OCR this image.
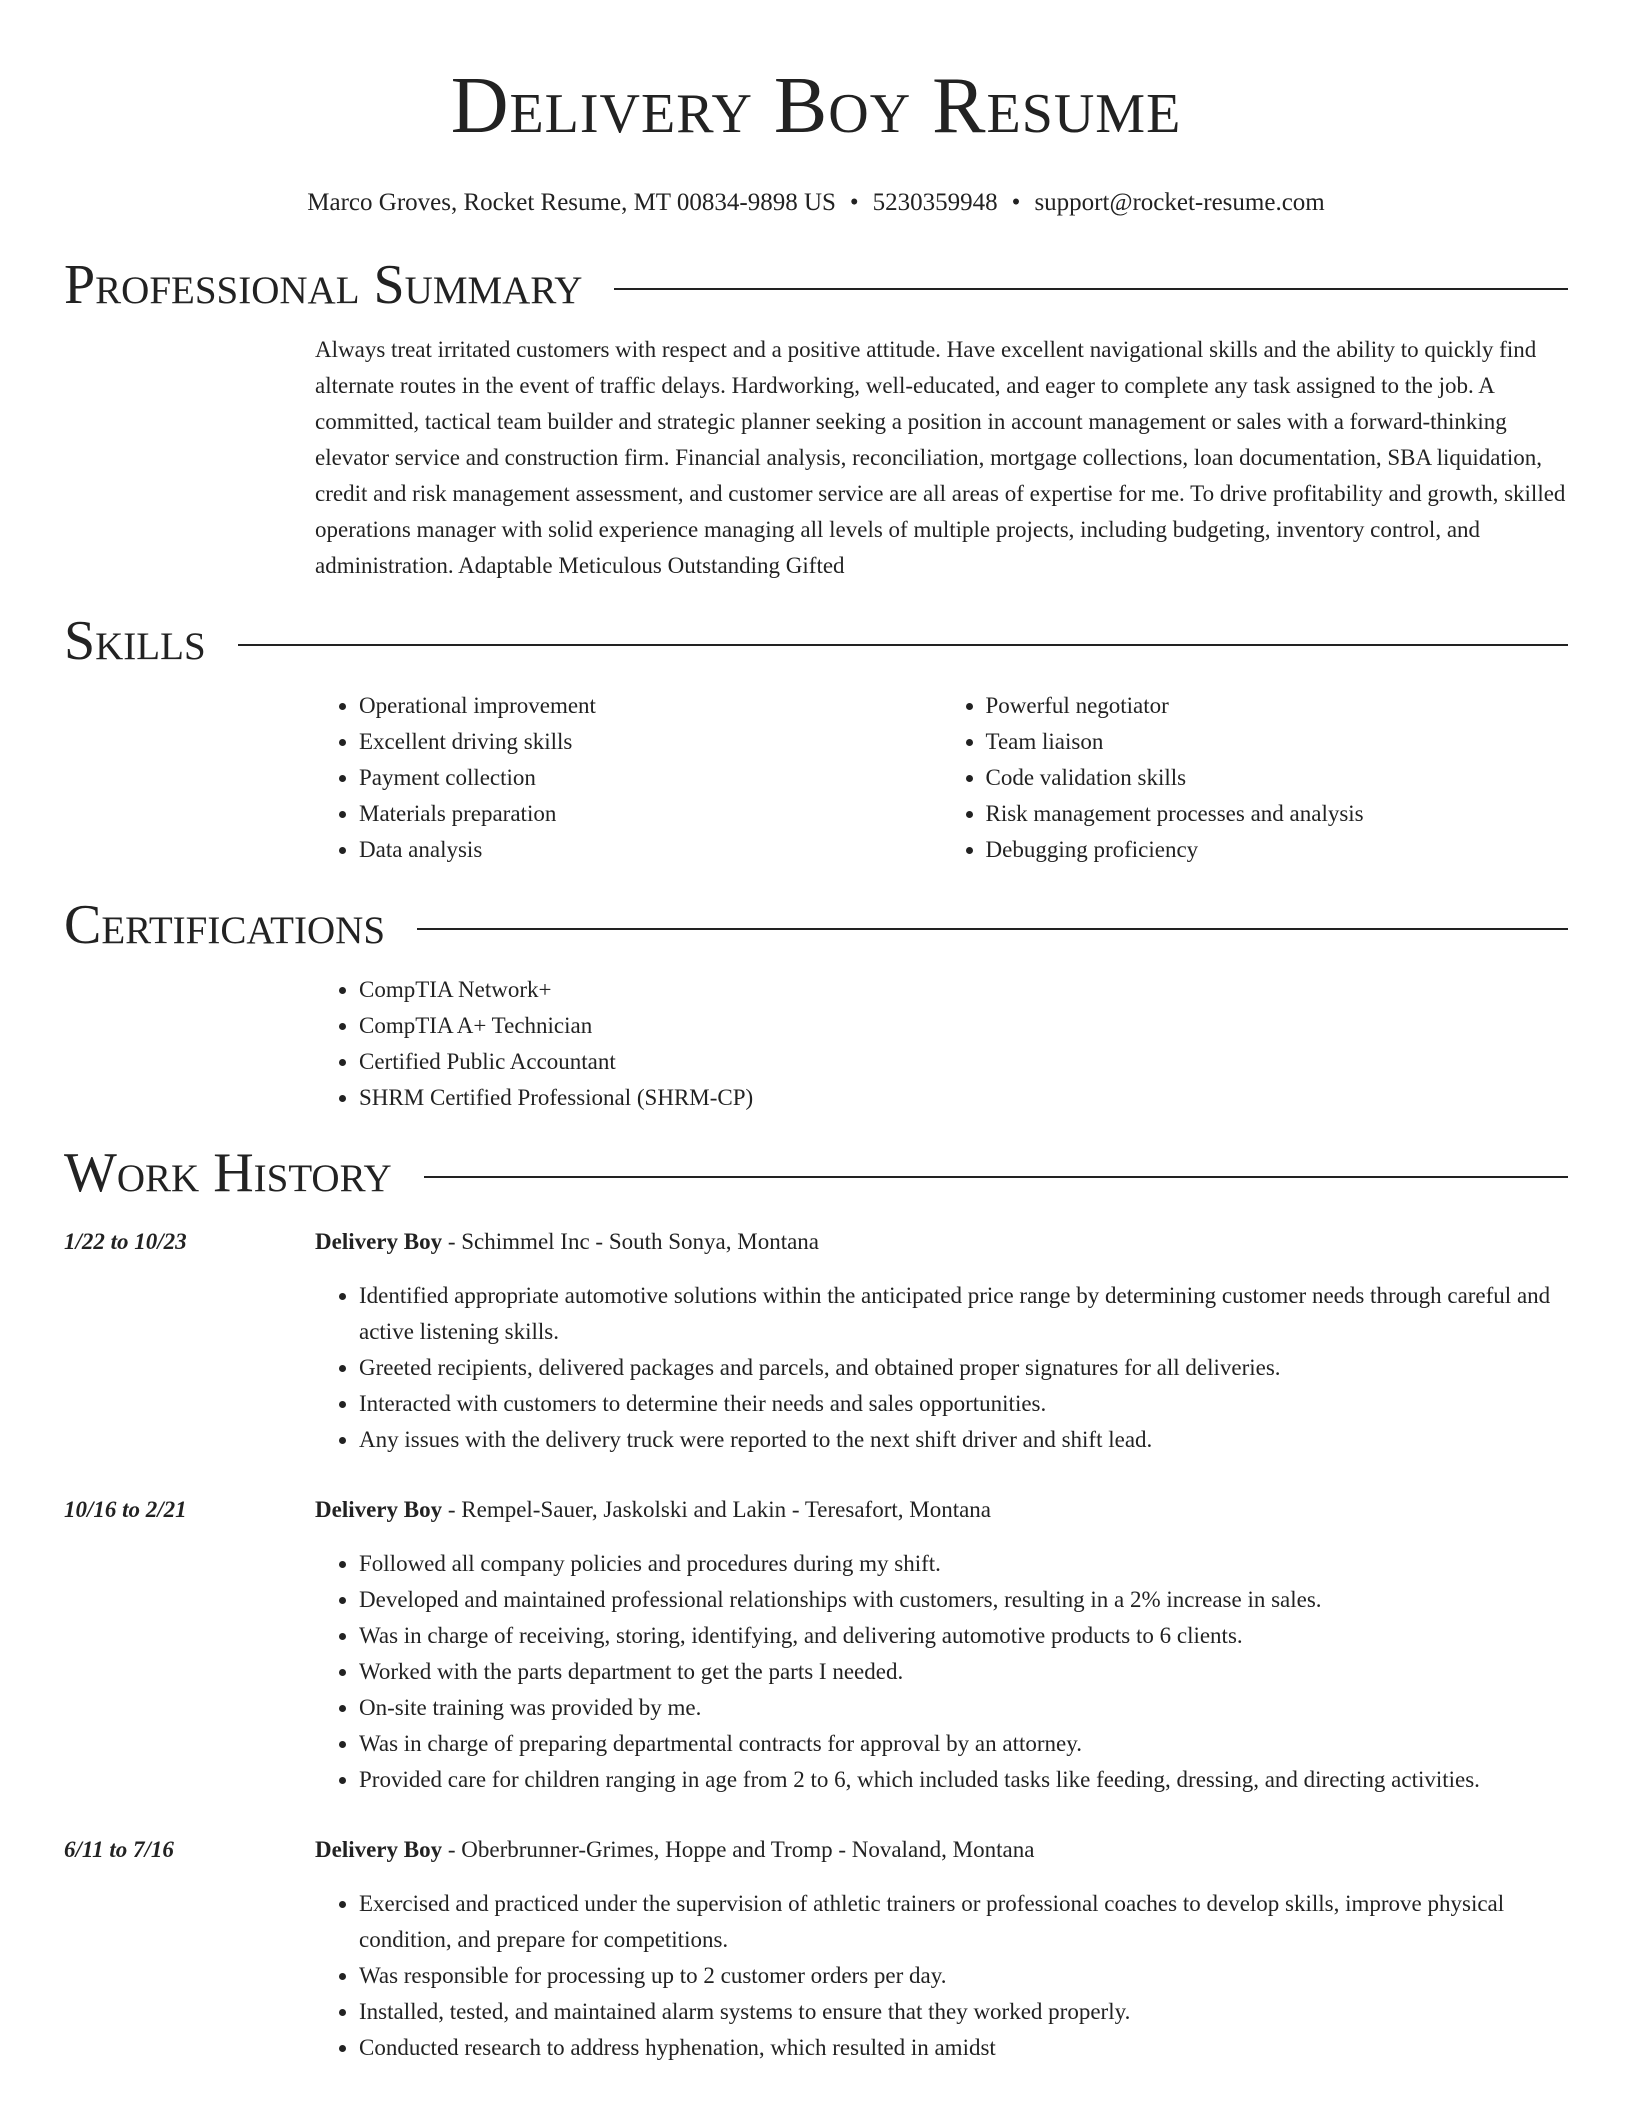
Delivery Boy Resume
Marco Groves, Rocket Resume, MT 00834-9898 US • 5230359948 • support@rocket-resume.com
Professional Summary
Always treat irritated customers with respect and a positive attitude. Have excellent navigational skills and the ability to quickly find alternate routes in the event of traffic delays. Hardworking, well-educated, and eager to complete any task assigned to the job. A committed, tactical team builder and strategic planner seeking a position in account management or sales with a forward-thinking elevator service and construction firm. Financial analysis, reconciliation, mortgage collections, loan documentation, SBA liquidation, credit and risk management assessment, and customer service are all areas of expertise for me. To drive profitability and growth, skilled operations manager with solid experience managing all levels of multiple projects, including budgeting, inventory control, and administration. Adaptable Meticulous Outstanding Gifted
Skills
• Operational improvement
• Excellent driving skills
• Payment collection
• Materials preparation
• Data analysis
• Powerful negotiator
• Team liaison
• Code validation skills
• Risk management processes and analysis
• Debugging proficiency
Certifications
• CompTIA Network+
• CompTIA A+ Technician
• Certified Public Accountant
• SHRM Certified Professional (SHRM-CP)
Work History
1/22 to 10/23	Delivery Boy - Schimmel Inc - South Sonya, Montana
• Identified appropriate automotive solutions within the anticipated price range by determining customer needs through careful and active listening skills.
• Greeted recipients, delivered packages and parcels, and obtained proper signatures for all deliveries.
• Interacted with customers to determine their needs and sales opportunities.
• Any issues with the delivery truck were reported to the next shift driver and shift lead.
10/16 to 2/21	Delivery Boy - Rempel-Sauer, Jaskolski and Lakin - Teresafort, Montana
• Followed all company policies and procedures during my shift.
• Developed and maintained professional relationships with customers, resulting in a 2% increase in sales.
• Was in charge of receiving, storing, identifying, and delivering automotive products to 6 clients.
• Worked with the parts department to get the parts I needed.
• On-site training was provided by me.
• Was in charge of preparing departmental contracts for approval by an attorney.
• Provided care for children ranging in age from 2 to 6, which included tasks like feeding, dressing, and directing activities.
6/11 to 7/16	Delivery Boy - Oberbrunner-Grimes, Hoppe and Tromp - Novaland, Montana
• Exercised and practiced under the supervision of athletic trainers or professional coaches to develop skills, improve physical condition, and prepare for competitions.
• Was responsible for processing up to 2 customer orders per day.
• Installed, tested, and maintained alarm systems to ensure that they worked properly.
• Conducted research to address hyphenation, which resulted in amidst
